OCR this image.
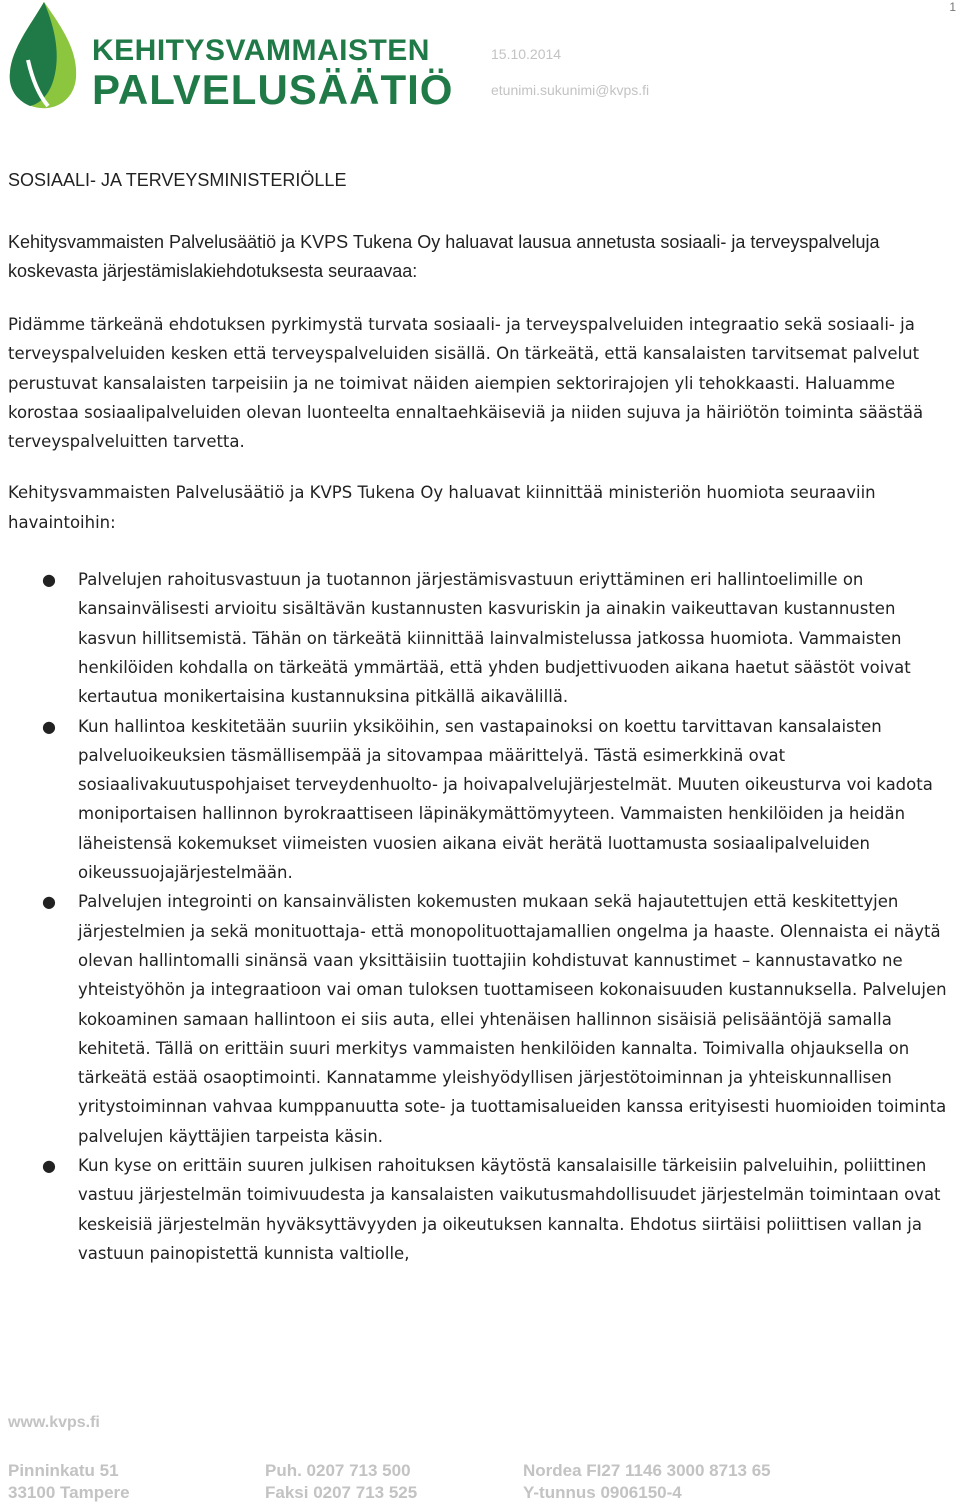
1
KEHITYSVAMMAISTEN
PALVELUSÄÄTIÖ
15.10.2014
etunimi.sukunimi@kvps.fi
SOSIAALI- JA TERVEYSMINISTERIÖLLE
Kehitysvammaisten Palvelusäätiö ja KVPS Tukena Oy haluavat lausua annetusta sosiaali- ja terveyspalveluja koskevasta järjestämislakiehdotuksesta seuraavaa:

Pidämme tärkeänä ehdotuksen pyrkimystä turvata sosiaali- ja terveyspalveluiden integraatio sekä sosiaali- ja terveyspalveluiden kesken että terveyspalveluiden sisällä. On tärkeätä, että kansalaisten tarvitsemat palvelut perustuvat kansalaisten tarpeisiin ja ne toimivat näiden aiempien sektorirajojen yli tehokkaasti. Haluamme korostaa sosiaalipalveluiden olevan luonteelta ennaltaehkäiseviä ja niiden sujuva ja häiriötön toiminta säästää terveyspalveluitten tarvetta.

Kehitysvammaisten Palvelusäätiö ja KVPS Tukena Oy haluavat kiinnittää ministeriön huomiota seuraaviin havaintoihin:

● Palvelujen rahoitusvastuun ja tuotannon järjestämisvastuun eriyttäminen eri hallintoelimille on kansainvälisesti arvioitu sisältävän kustannusten kasvuriskin ja ainakin vaikeuttavan kustannusten kasvun hillitsemistä. Tähän on tärkeätä kiinnittää lainvalmistelussa jatkossa huomiota. Vammaisten henkilöiden kohdalla on tärkeätä ymmärtää, että yhden budjettivuoden aikana haetut säästöt voivat kertautua monikertaisina kustannuksina pitkällä aikavälillä.
● Kun hallintoa keskitetään suuriin yksiköihin, sen vastapainoksi on koettu tarvittavan kansalaisten palveluoikeuksien täsmällisempää ja sitovampaa määrittelyä. Tästä esimerkkinä ovat sosiaalivakuutuspohjaiset terveydenhuolto- ja hoivapalvelujärjestelmät. Muuten oikeusturva voi kadota moniportaisen hallinnon byrokraattiseen läpinäkymättömyyteen. Vammaisten henkilöiden ja heidän läheistensä kokemukset viimeisten vuosien aikana eivät herätä luottamusta sosiaalipalveluiden oikeussuojajärjestelmään.
● Palvelujen integrointi on kansainvälisten kokemusten mukaan sekä hajautettujen että keskitettyjen järjestelmien ja sekä monituottaja- että monopolituottajamallien ongelma ja haaste. Olennaista ei näytä olevan hallintomalli sinänsä vaan yksittäisiin tuottajiin kohdistuvat kannustimet – kannustavatko ne yhteistyöhön ja integraatioon vai oman tuloksen tuottamiseen kokonaisuuden kustannuksella. Palvelujen kokoaminen samaan hallintoon ei siis auta, ellei yhtenäisen hallinnon sisäisiä pelisääntöjä samalla kehitetä. Tällä on erittäin suuri merkitys vammaisten henkilöiden kannalta. Toimivalla ohjauksella on tärkeätä estää osaoptimointi. Kannatamme yleishyödyllisen järjestötoiminnan ja yhteiskunnallisen yritystoiminnan vahvaa kumppanuutta sote- ja tuottamisalueiden kanssa erityisesti huomioiden toiminta palvelujen käyttäjien tarpeista käsin.
● Kun kyse on erittäin suuren julkisen rahoituksen käytöstä kansalaisille tärkeisiin palveluihin, poliittinen vastuu järjestelmän toimivuudesta ja kansalaisten vaikutusmahdollisuudet järjestelmän toimintaan ovat keskeisiä järjestelmän hyväksyttävyyden ja oikeutuksen kannalta. Ehdotus siirtäisi poliittisen vallan ja vastuun painopistettä kunnista valtiolle,
www.kvps.fi
Pinninkatu 51
33100 Tampere
Puh. 0207 713 500
Faksi 0207 713 525
Nordea FI27 1146 3000 8713 65
Y-tunnus 0906150-4
